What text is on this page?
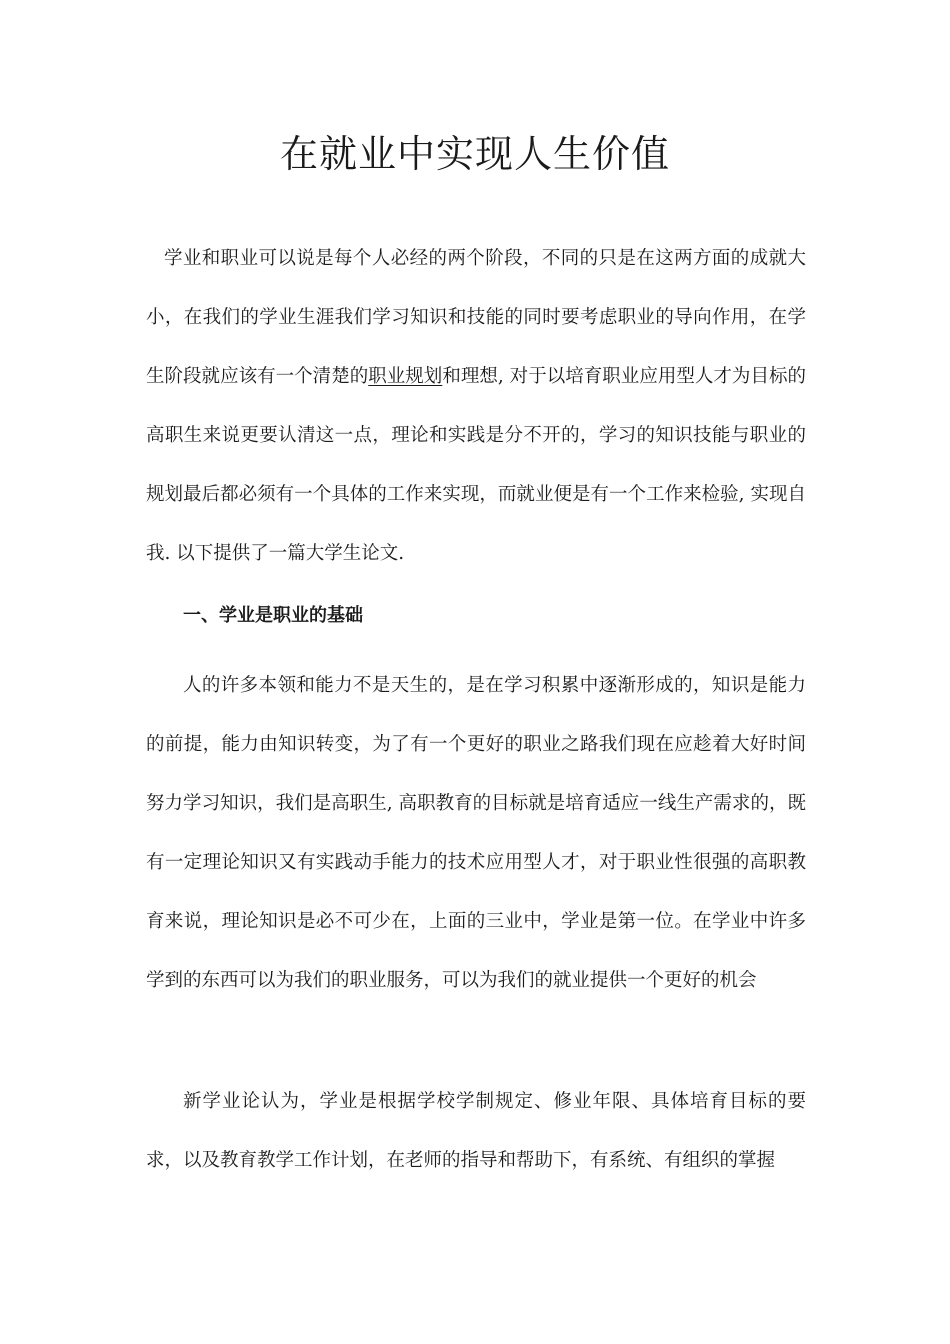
在就业中实现人生价值

学业和职业可以说是每个人必经的两个阶段，不同的只是在这两方面的成就大小，在我们的学业生涯我们学习知识和技能的同时要考虑职业的导向作用，在学生阶段就应该有一个清楚的职业规划和理想, 对于以培育职业应用型人才为目标的高职生来说更要认清这一点，理论和实践是分不开的，学习的知识技能与职业的规划最后都必须有一个具体的工作来实现，而就业便是有一个工作来检验, 实现自我. 以下提供了一篇大学生论文.

一、学业是职业的基础

人的许多本领和能力不是天生的，是在学习积累中逐渐形成的，知识是能力的前提，能力由知识转变，为了有一个更好的职业之路我们现在应趁着大好时间努力学习知识，我们是高职生, 高职教育的目标就是培育适应一线生产需求的，既有一定理论知识又有实践动手能力的技术应用型人才，对于职业性很强的高职教育来说，理论知识是必不可少在，上面的三业中，学业是第一位。在学业中许多学到的东西可以为我们的职业服务，可以为我们的就业提供一个更好的机会

新学业论认为，学业是根据学校学制规定、修业年限、具体培育目标的要求，以及教育教学工作计划，在老师的指导和帮助下，有系统、有组织的掌握
